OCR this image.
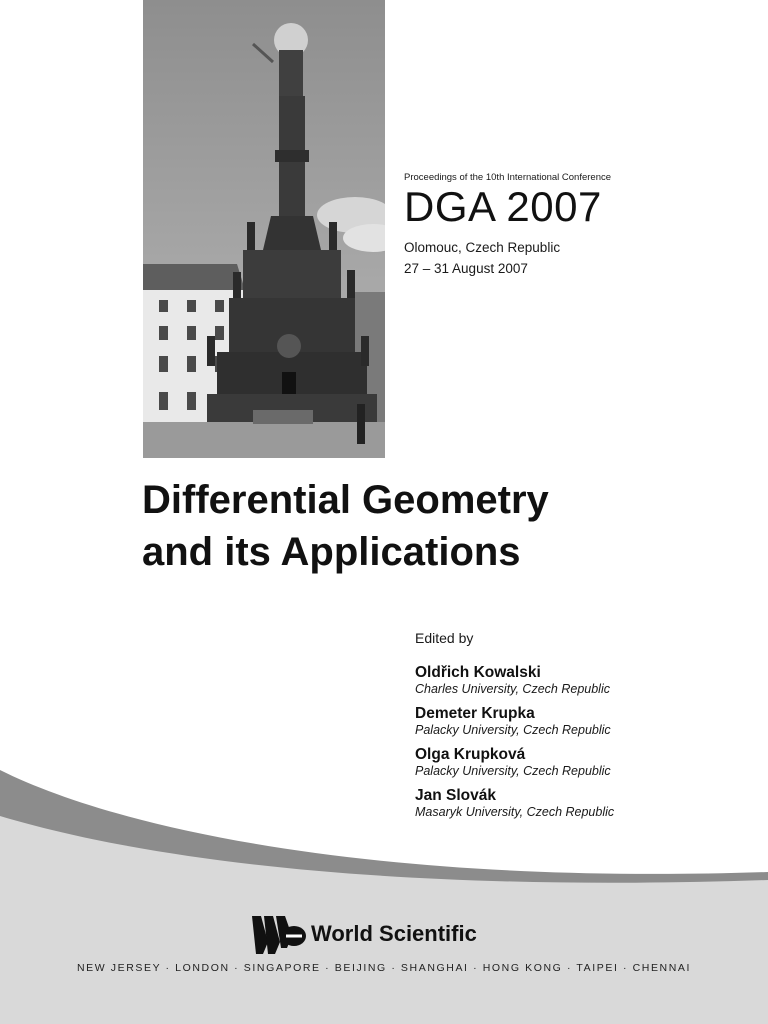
Proceedings of the 10th International Conference
DGA 2007
Olomouc, Czech Republic
27 – 31 August 2007
Differential Geometry
and its Applications
Edited by
Oldřich Kowalski
Charles University, Czech Republic
Demeter Krupka
Palacky University, Czech Republic
Olga Krupková
Palacky University, Czech Republic
Jan Slovák
Masaryk University, Czech Republic
World Scientific
NEW JERSEY · LONDON · SINGAPORE · BEIJING · SHANGHAI · HONG KONG · TAIPEI · CHENNAI
